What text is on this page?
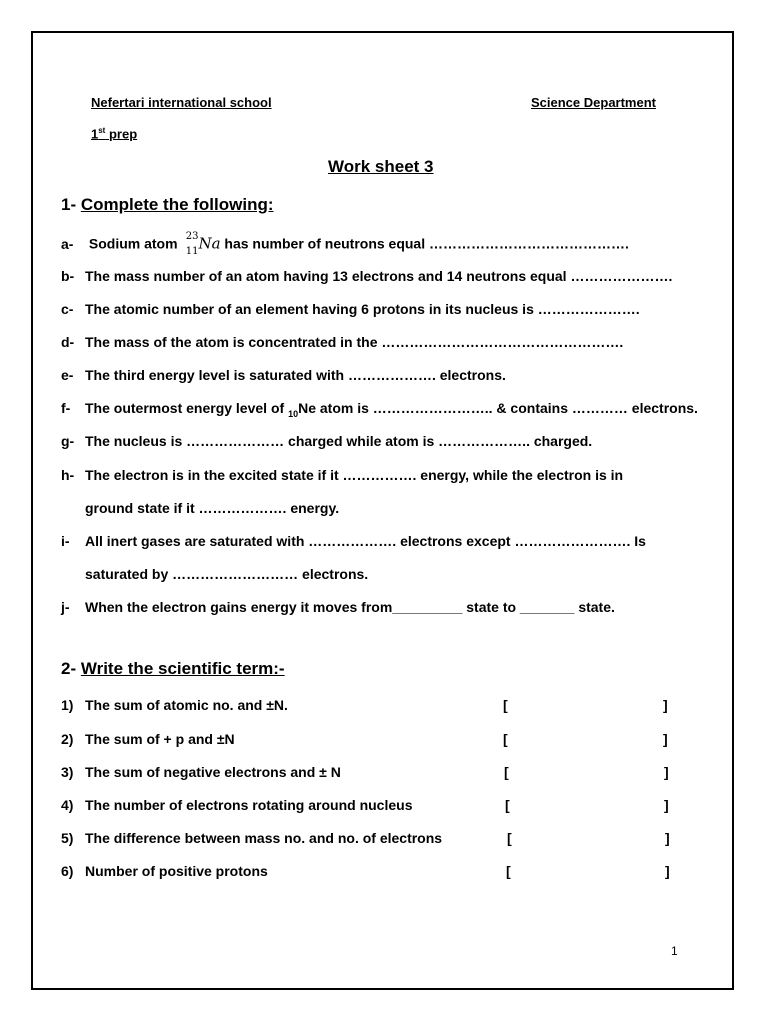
Nefertari international school	Science Department
1st prep
Work sheet 3
1- Complete the following:
a- Sodium atom 23
11 Na has number of neutrons equal …………………………………….
b- The mass number of an atom having 13 electrons and 14 neutrons equal ………………….
c- The atomic number of an element having 6 protons in its nucleus is ………………….
d- The mass of the atom is concentrated in the …………………………………………….
e- The third energy level is saturated with ………………. electrons.
f- The outermost energy level of $_{10}$Ne atom is …………………….. & contains ………… electrons.
g- The nucleus is ………………… charged while atom is ……………….. charged.
h- The electron is in the excited state if it ……………. energy, while the electron is in
ground state if it ………………. energy.
i- All inert gases are saturated with ………………. electrons except ……………………. Is
saturated by ……………………… electrons.
j- When the electron gains energy it moves from_________ state to _______ state.
2- Write the scientific term:-
1) The sum of atomic no. and ±N.	[	]
2) The sum of + p and ±N	[	]
3) The sum of negative electrons and ± N	[	]
4) The number of electrons rotating around nucleus	[	]
5) The difference between mass no. and no. of electrons	[	]
6) Number of positive protons	[	]
1
